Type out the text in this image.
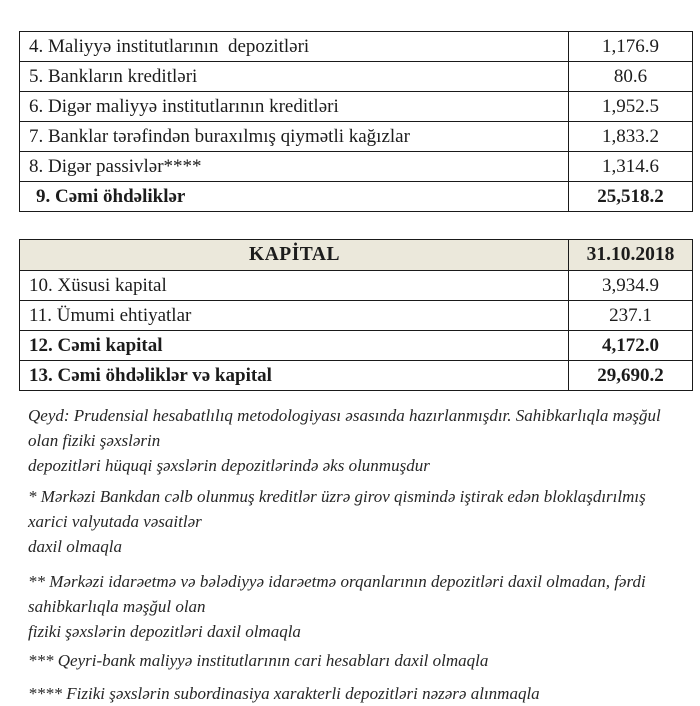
4. Maliyyə institutlarının  depozitləri	1,176.9
5. Bankların kreditləri	80.6
6. Digər maliyyə institutlarının kreditləri	1,952.5
7. Banklar tərəfindən buraxılmış qiymətli kağızlar	1,833.2
8. Digər passivlər****	1,314.6
9. Cəmi öhdəliklər	25,518.2
KAPİTAL	31.10.2018
10. Xüsusi kapital	3,934.9
11. Ümumi ehtiyatlar	237.1
12. Cəmi kapital	4,172.0
13. Cəmi öhdəliklər və kapital	29,690.2

Qeyd: Prudensial hesabatlılıq metodologiyası əsasında hazırlanmışdır. Sahibkarlıqla məşğul olan fiziki şəxslərin
depozitləri hüquqi şəxslərin depozitlərində əks olunmuşdur

* Mərkəzi Bankdan cəlb olunmuş kreditlər üzrə girov qismində iştirak edən bloklaşdırılmış xarici valyutada vəsaitlər
daxil olmaqla

** Mərkəzi idarəetmə və bələdiyyə idarəetmə orqanlarının depozitləri daxil olmadan, fərdi sahibkarlıqla məşğul olan
fiziki şəxslərin depozitləri daxil olmaqla

*** Qeyri-bank maliyyə institutlarının cari hesabları daxil olmaqla

**** Fiziki şəxslərin subordinasiya xarakterli depozitləri nəzərə alınmaqla
